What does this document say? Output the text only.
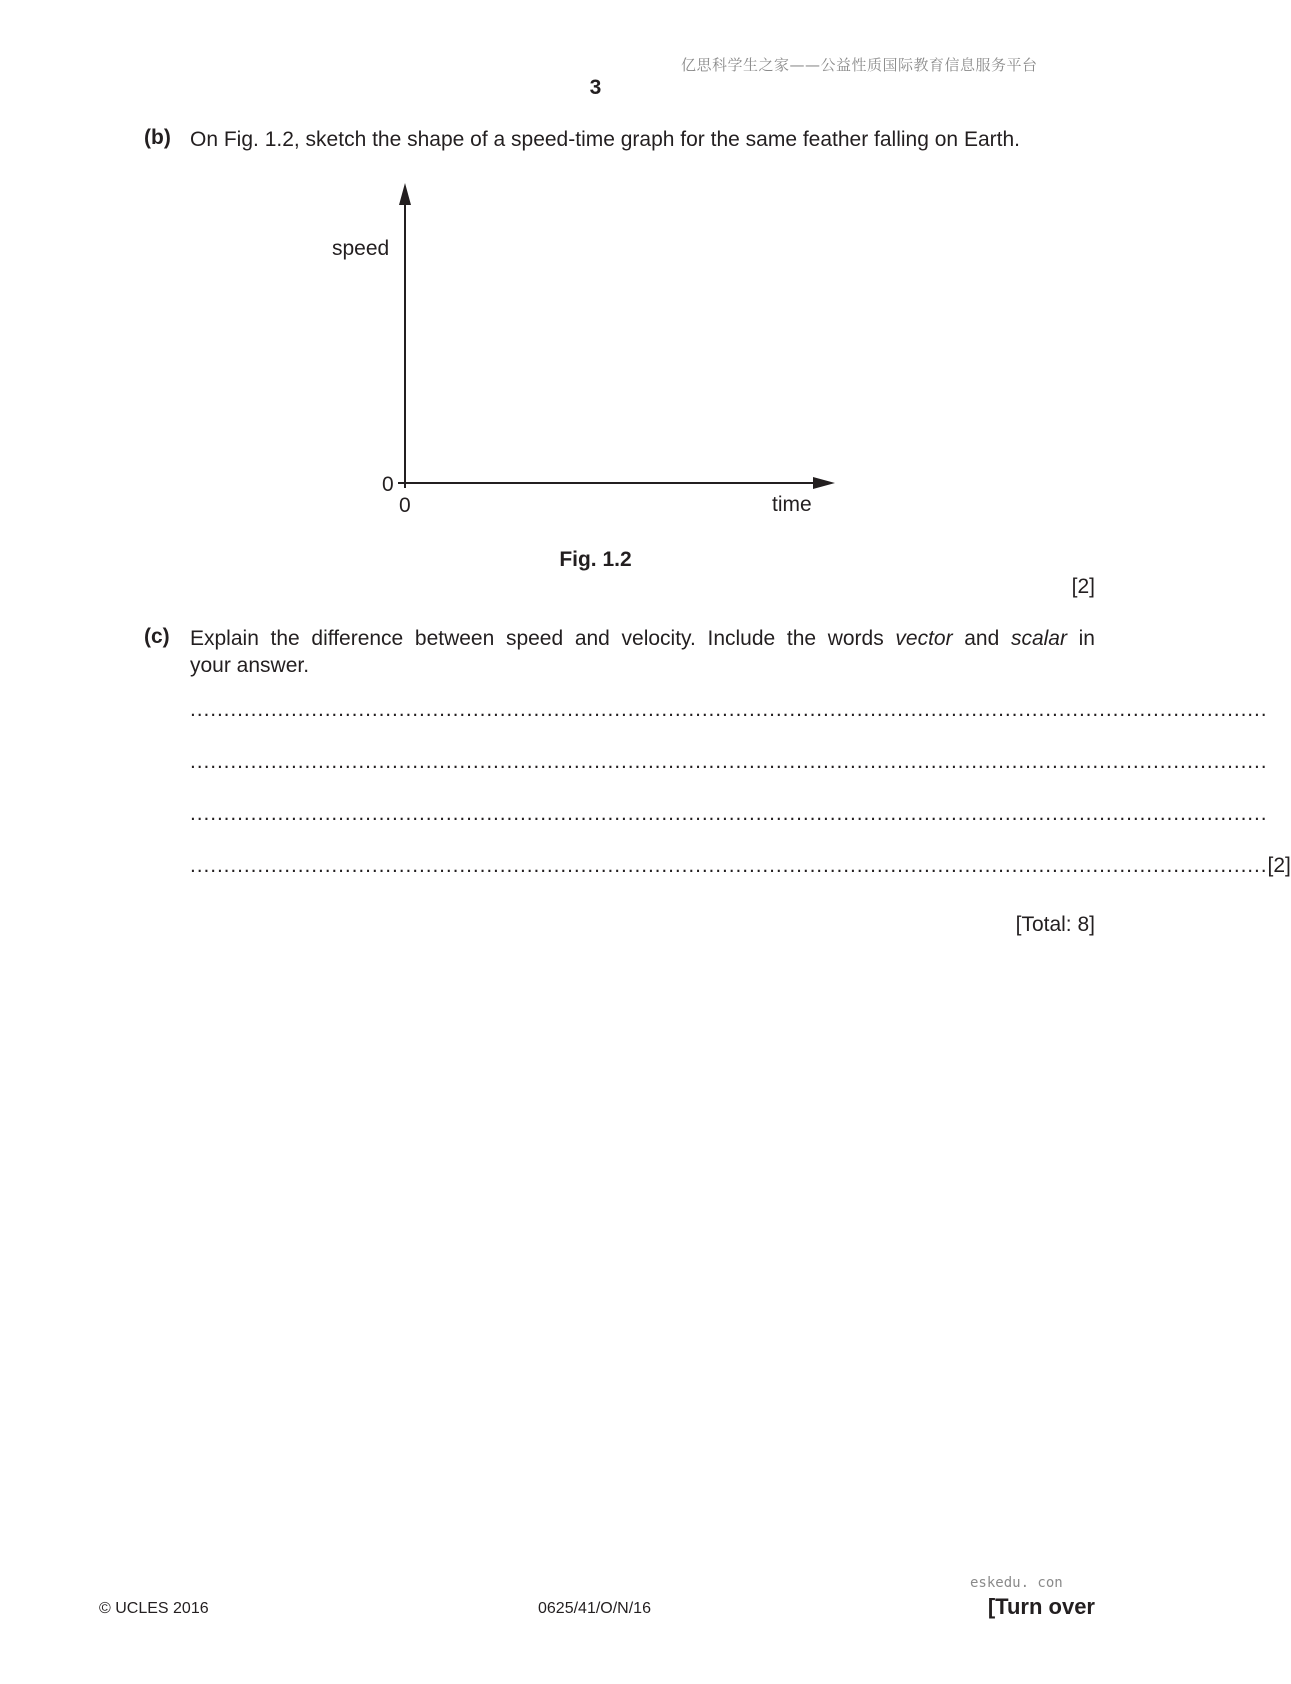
亿思科学生之家——公益性质国际教育信息服务平台
3
(b) On Fig. 1.2, sketch the shape of a speed-time graph for the same feather falling on Earth.
speed
time
0
0
Fig. 1.2
[2]
(c) Explain the difference between speed and velocity. Include the words vector and scalar in
your answer.
................................................................................................................................................................
................................................................................................................................................................
................................................................................................................................................................
................................................................................................................................................................ [2]
[Total: 8]
© UCLES 2016	0625/41/O/N/16
eskedu. con
[Turn over
